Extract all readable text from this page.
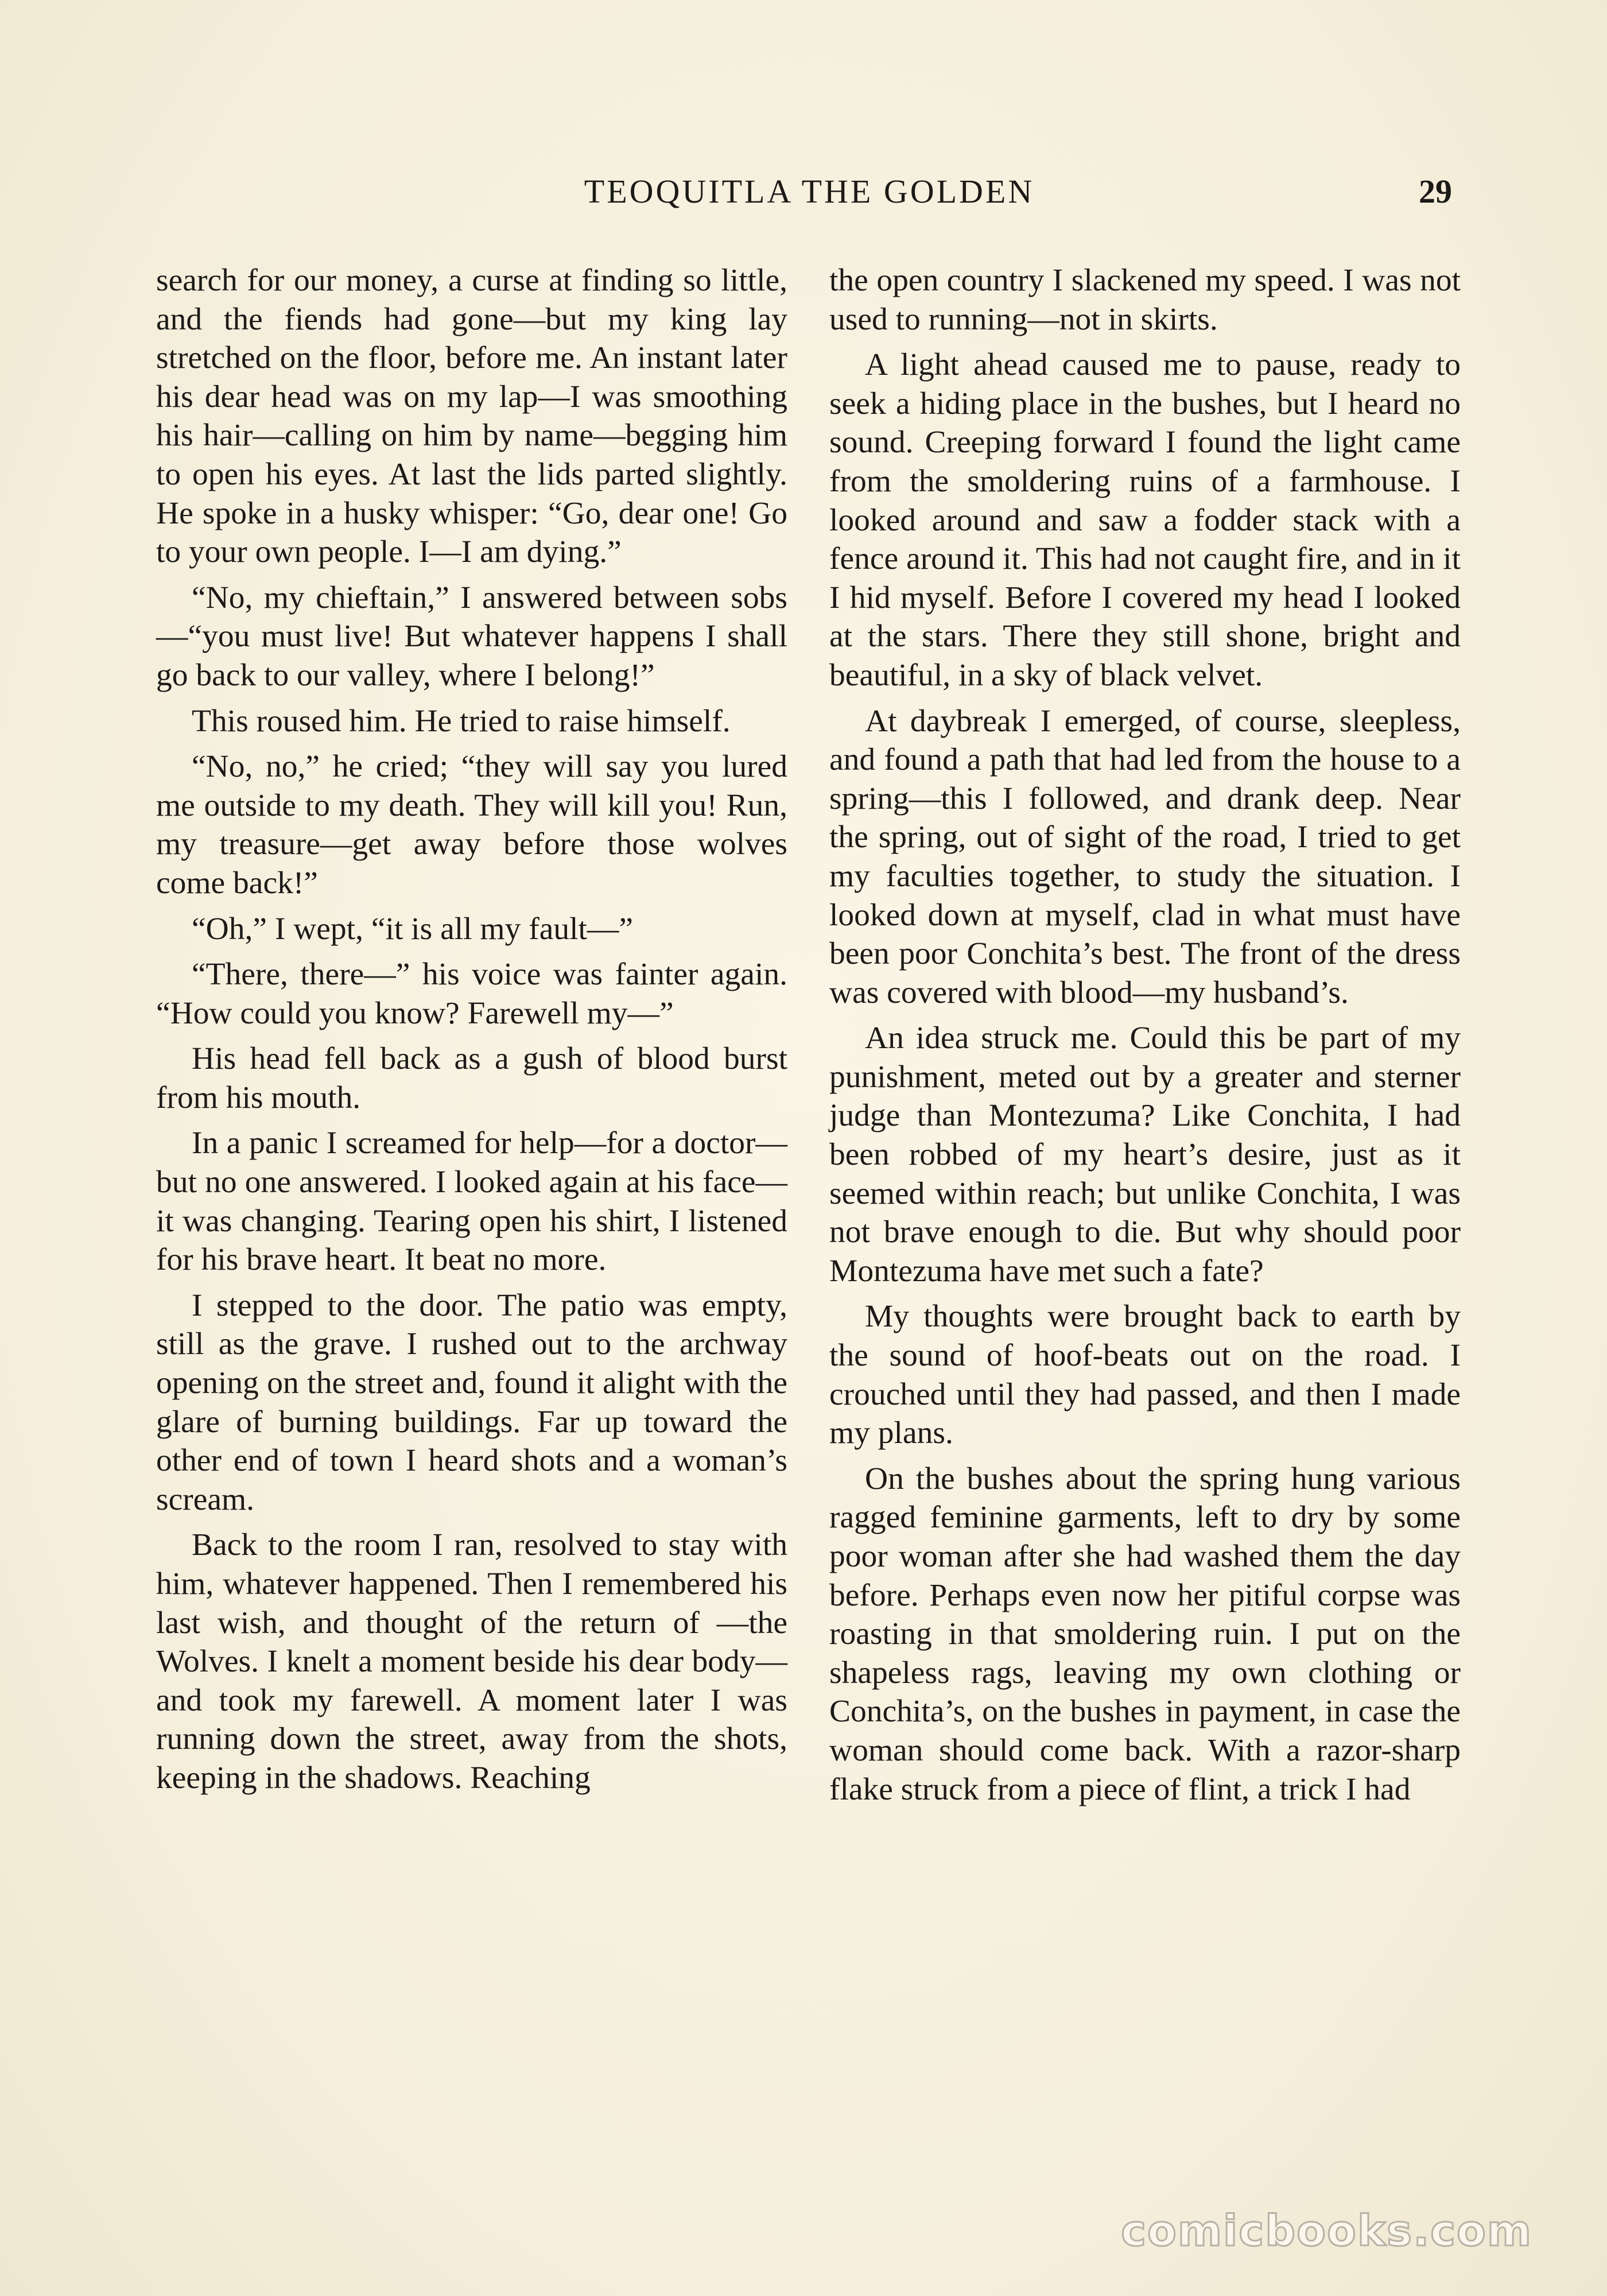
TEOQUITLA THE GOLDEN	29

search for our money, a curse at finding so little, and the fiends had gone—but my king lay stretched on the floor, before me. An instant later his dear head was on my lap—I was smoothing his hair—calling on him by name—begging him to open his eyes. At last the lids parted slightly. He spoke in a husky whisper: “Go, dear one! Go to your own people. I—I am dying.”

“No, my chieftain,” I answered between sobs—“you must live! But whatever happens I shall go back to our valley, where I belong!”

This roused him. He tried to raise himself.

“No, no,” he cried; “they will say you lured me outside to my death. They will kill you! Run, my treasure—get away before those wolves come back!”

“Oh,” I wept, “it is all my fault—”

“There, there—” his voice was fainter again. “How could you know? Farewell my—”

His head fell back as a gush of blood burst from his mouth.

In a panic I screamed for help—for a doctor—but no one answered. I looked again at his face—it was changing. Tearing open his shirt, I listened for his brave heart. It beat no more.

I stepped to the door. The patio was empty, still as the grave. I rushed out to the archway opening on the street and, found it alight with the glare of burning buildings. Far up toward the other end of town I heard shots and a woman’s scream.

Back to the room I ran, resolved to stay with him, whatever happened. Then I remembered his last wish, and thought of the return of —the Wolves. I knelt a moment beside his dear body—and took my farewell. A moment later I was running down the street, away from the shots, keeping in the shadows. Reaching

the open country I slackened my speed. I was not used to running—not in skirts.

A light ahead caused me to pause, ready to seek a hiding place in the bushes, but I heard no sound. Creeping forward I found the light came from the smoldering ruins of a farmhouse. I looked around and saw a fodder stack with a fence around it. This had not caught fire, and in it I hid myself. Before I covered my head I looked at the stars. There they still shone, bright and beautiful, in a sky of black velvet.

At daybreak I emerged, of course, sleepless, and found a path that had led from the house to a spring—this I followed, and drank deep. Near the spring, out of sight of the road, I tried to get my faculties together, to study the situation. I looked down at myself, clad in what must have been poor Conchita’s best. The front of the dress was covered with blood—my husband’s.

An idea struck me. Could this be part of my punishment, meted out by a greater and sterner judge than Montezuma? Like Conchita, I had been robbed of my heart’s desire, just as it seemed within reach; but unlike Conchita, I was not brave enough to die. But why should poor Montezuma have met such a fate?

My thoughts were brought back to earth by the sound of hoof-beats out on the road. I crouched until they had passed, and then I made my plans.

On the bushes about the spring hung various ragged feminine garments, left to dry by some poor woman after she had washed them the day before. Perhaps even now her pitiful corpse was roasting in that smoldering ruin. I put on the shapeless rags, leaving my own clothing or Conchita’s, on the bushes in payment, in case the woman should come back. With a razor-sharp flake struck from a piece of flint, a trick I had

comicbooks.com
